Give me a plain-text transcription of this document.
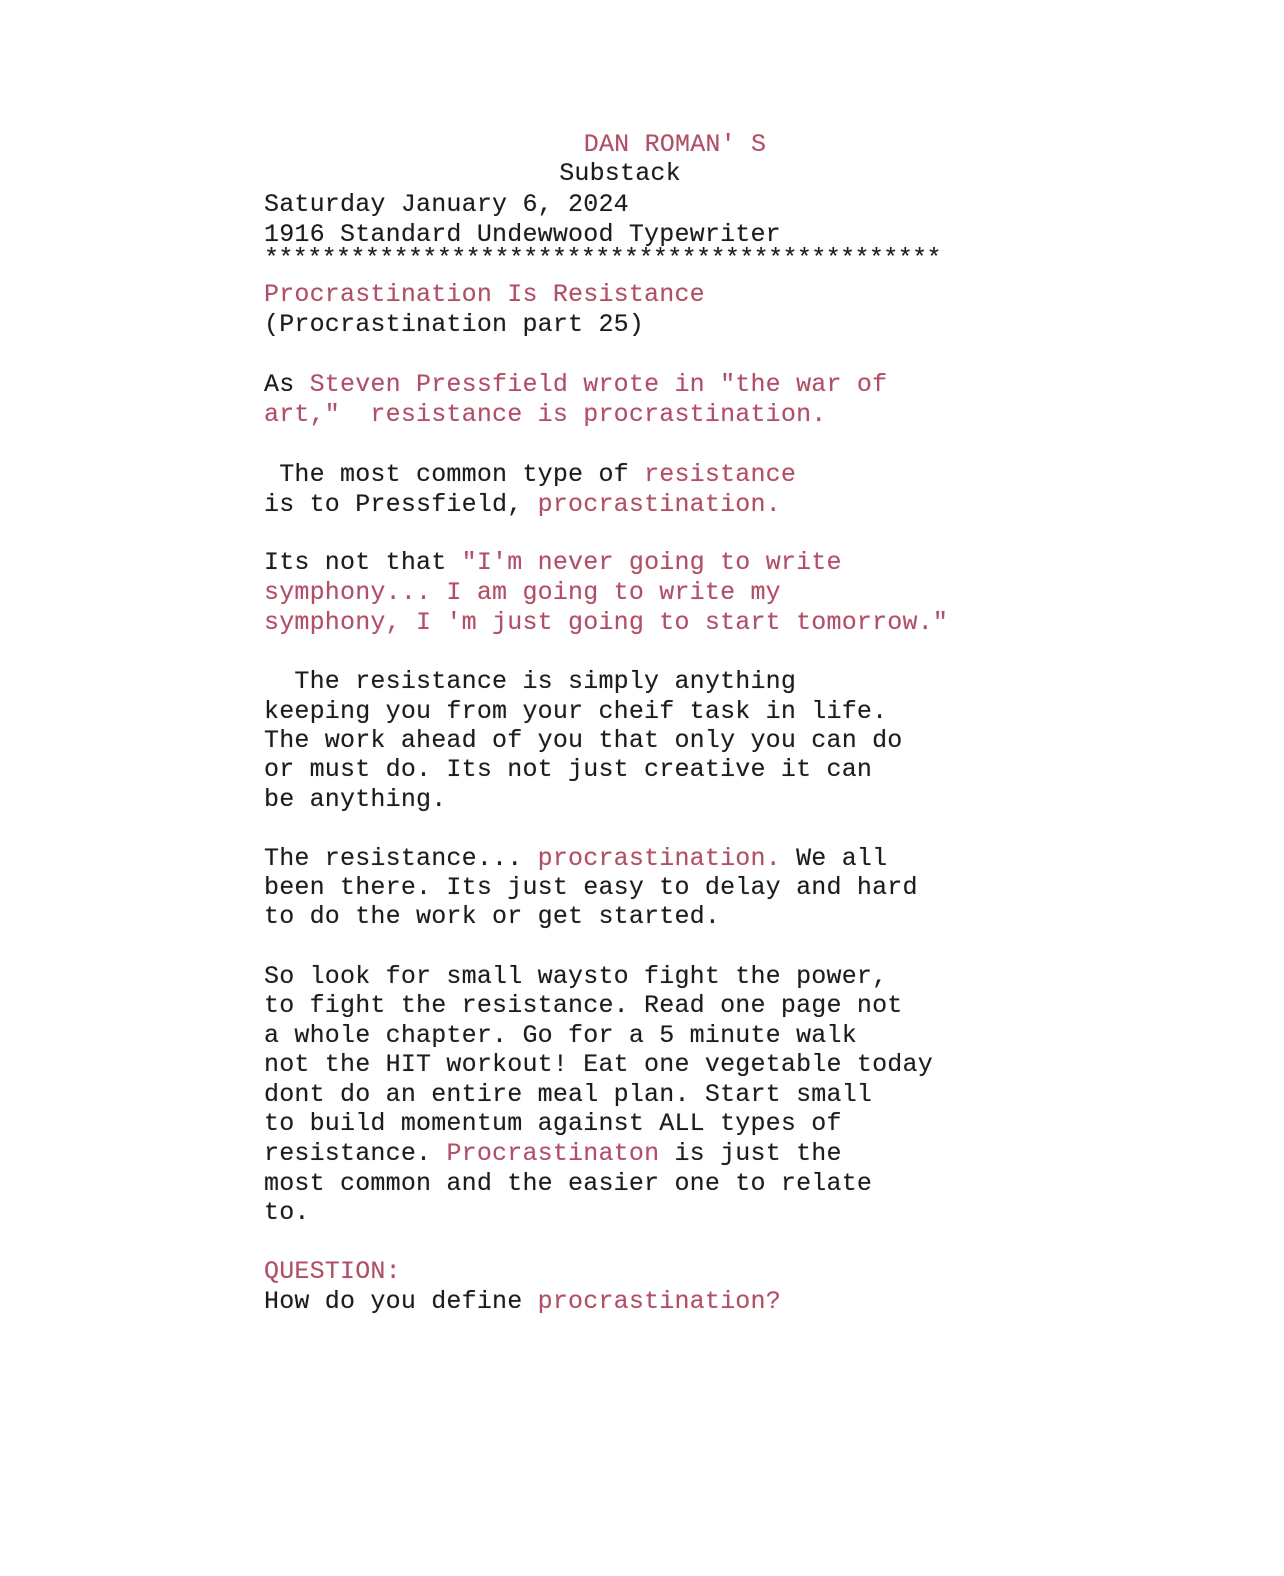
DAN ROMAN' S
Substack
Saturday January 6, 2024
1916 Standard Undewwood Typewriter
***********************************************
Procrastination Is Resistance
(Procrastination part 25)
As Steven Pressfield wrote in "the war of
art,"  resistance is procrastination.
The most common type of resistance
is to Pressfield, procrastination.
Its not that "I'm never going to write
symphony... I am going to write my
symphony, I 'm just going to start tomorrow."
The resistance is simply anything
keeping you from your cheif task in life.
The work ahead of you that only you can do
or must do. Its not just creative it can
be anything.
The resistance... procrastination. We all
been there. Its just easy to delay and hard
to do the work or get started.
So look for small waysto fight the power,
to fight the resistance. Read one page not
a whole chapter. Go for a 5 minute walk
not the HIT workout! Eat one vegetable today
dont do an entire meal plan. Start small
to build momentum against ALL types of
resistance. Procrastinaton is just the
most common and the easier one to relate
to.
QUESTION:
How do you define procrastination?
